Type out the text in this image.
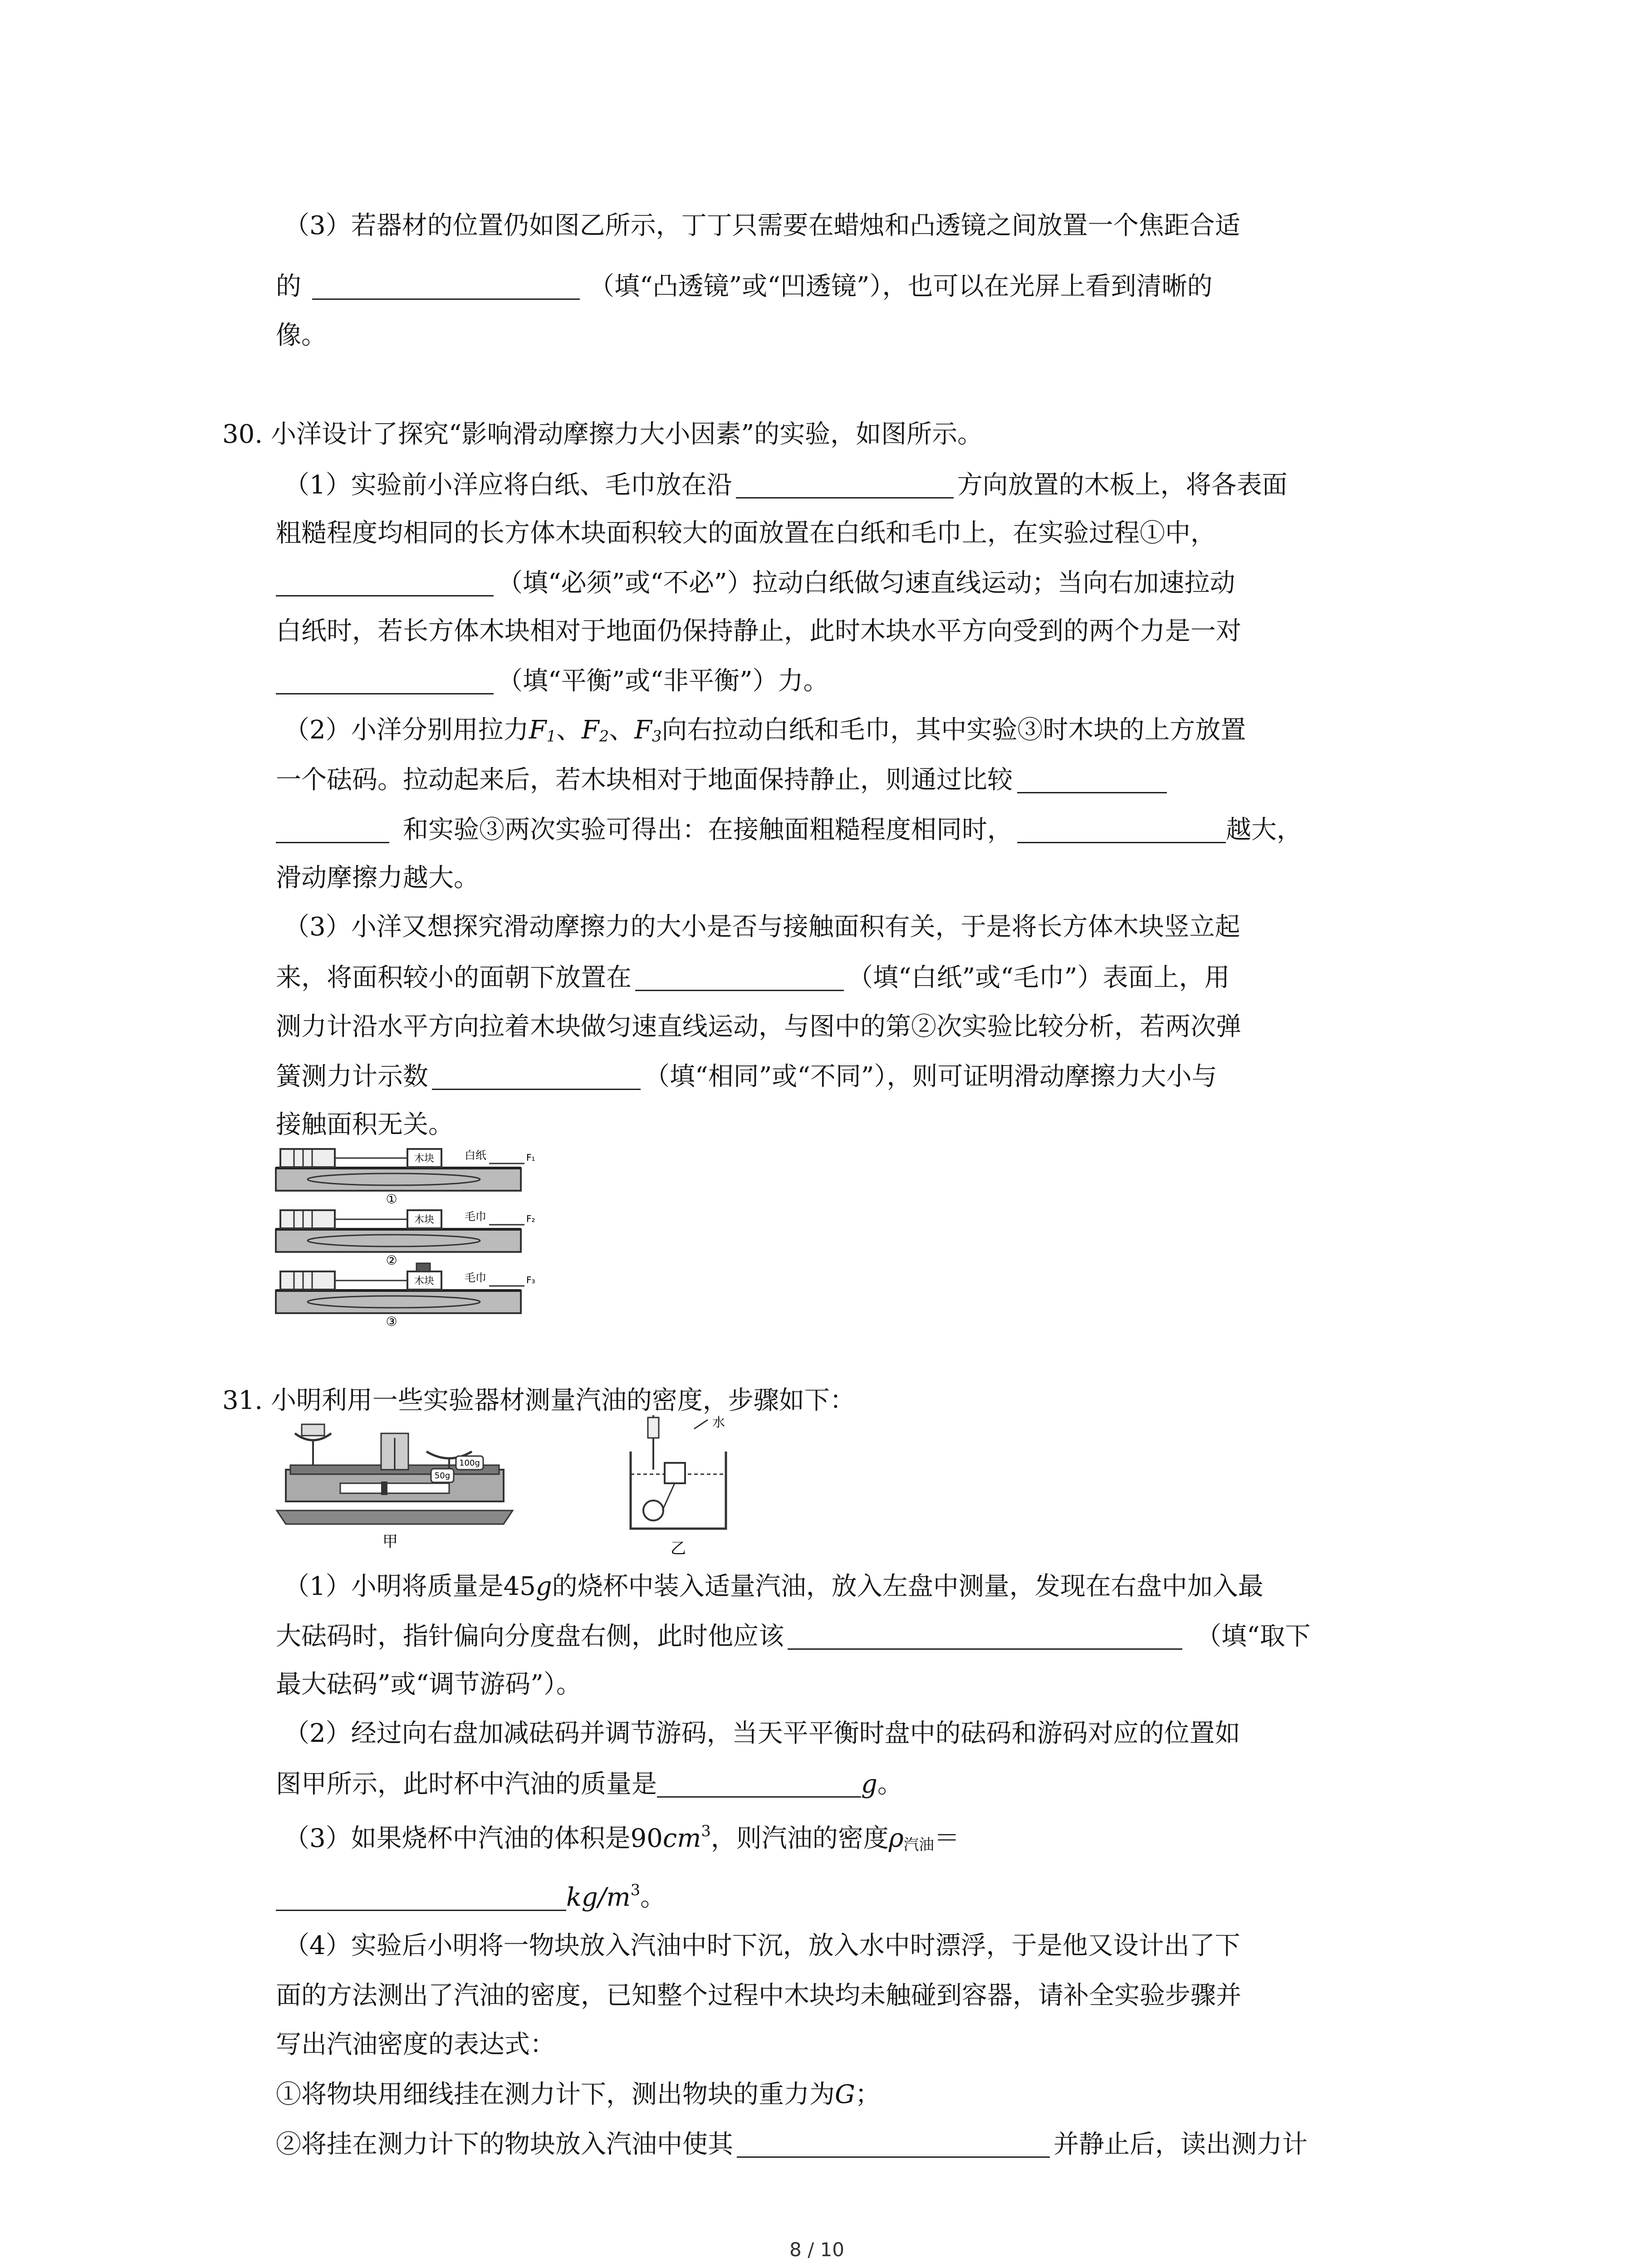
（3）若器材的位置仍如图乙所示，丁丁只需要在蜡烛和凸透镜之间放置一个焦距合适
的	（填“凸透镜”或“凹透镜”），也可以在光屏上看到清晰的
像。
30. 小洋设计了探究“影响滑动摩擦力大小因素”的实验，如图所示。
（1）实验前小洋应将白纸、毛巾放在沿	方向放置的木板上，将各表面
粗糙程度均相同的长方体木块面积较大的面放置在白纸和毛巾上，在实验过程①中，
（填“必须”或“不必”）拉动白纸做匀速直线运动；当向右加速拉动
白纸时，若长方体木块相对于地面仍保持静止，此时木块水平方向受到的两个力是一对
（填“平衡”或“非平衡”）力。
（2）小洋分别用拉力$F_1$、$F_2$、$F_3$向右拉动白纸和毛巾，其中实验③时木块的上方放置
一个砝码。拉动起来后，若木块相对于地面保持静止，则通过比较
和实验③两次实验可得出：在接触面粗糙程度相同时，	越大，
滑动摩擦力越大。
（3）小洋又想探究滑动摩擦力的大小是否与接触面积有关，于是将长方体木块竖立起
来，将面积较小的面朝下放置在	（填“白纸”或“毛巾”）表面上，用
测力计沿水平方向拉着木块做匀速直线运动，与图中的第②次实验比较分析，若两次弹
簧测力计示数	（填“相同”或“不同”），则可证明滑动摩擦力大小与
接触面积无关。
木块	白纸	F₁
①
木块	毛巾	F₂
②
木块	毛巾	F₃
③
31. 小明利用一些实验器材测量汽油的密度，步骤如下：
100g
50g
甲
水
乙
（1）小明将质量是45g的烧杯中装入适量汽油，放入左盘中测量，发现在右盘中加入最
大砝码时，指针偏向分度盘右侧，此时他应该	（填“取下
最大砝码”或“调节游码”）。
（2）经过向右盘加减砝码并调节游码，当天平平衡时盘中的砝码和游码对应的位置如
图甲所示，此时杯中汽油的质量是	g。
（3）如果烧杯中汽油的体积是$90cm^3$，则汽油的密度$\rho_{汽油}=$
$kg/m^3$。
（4）实验后小明将一物块放入汽油中时下沉，放入水中时漂浮，于是他又设计出了下
面的方法测出了汽油的密度，已知整个过程中木块均未触碰到容器，请补全实验步骤并
写出汽油密度的表达式：
①将物块用细线挂在测力计下，测出物块的重力为G；
②将挂在测力计下的物块放入汽油中使其	并静止后，读出测力计
8 / 10
